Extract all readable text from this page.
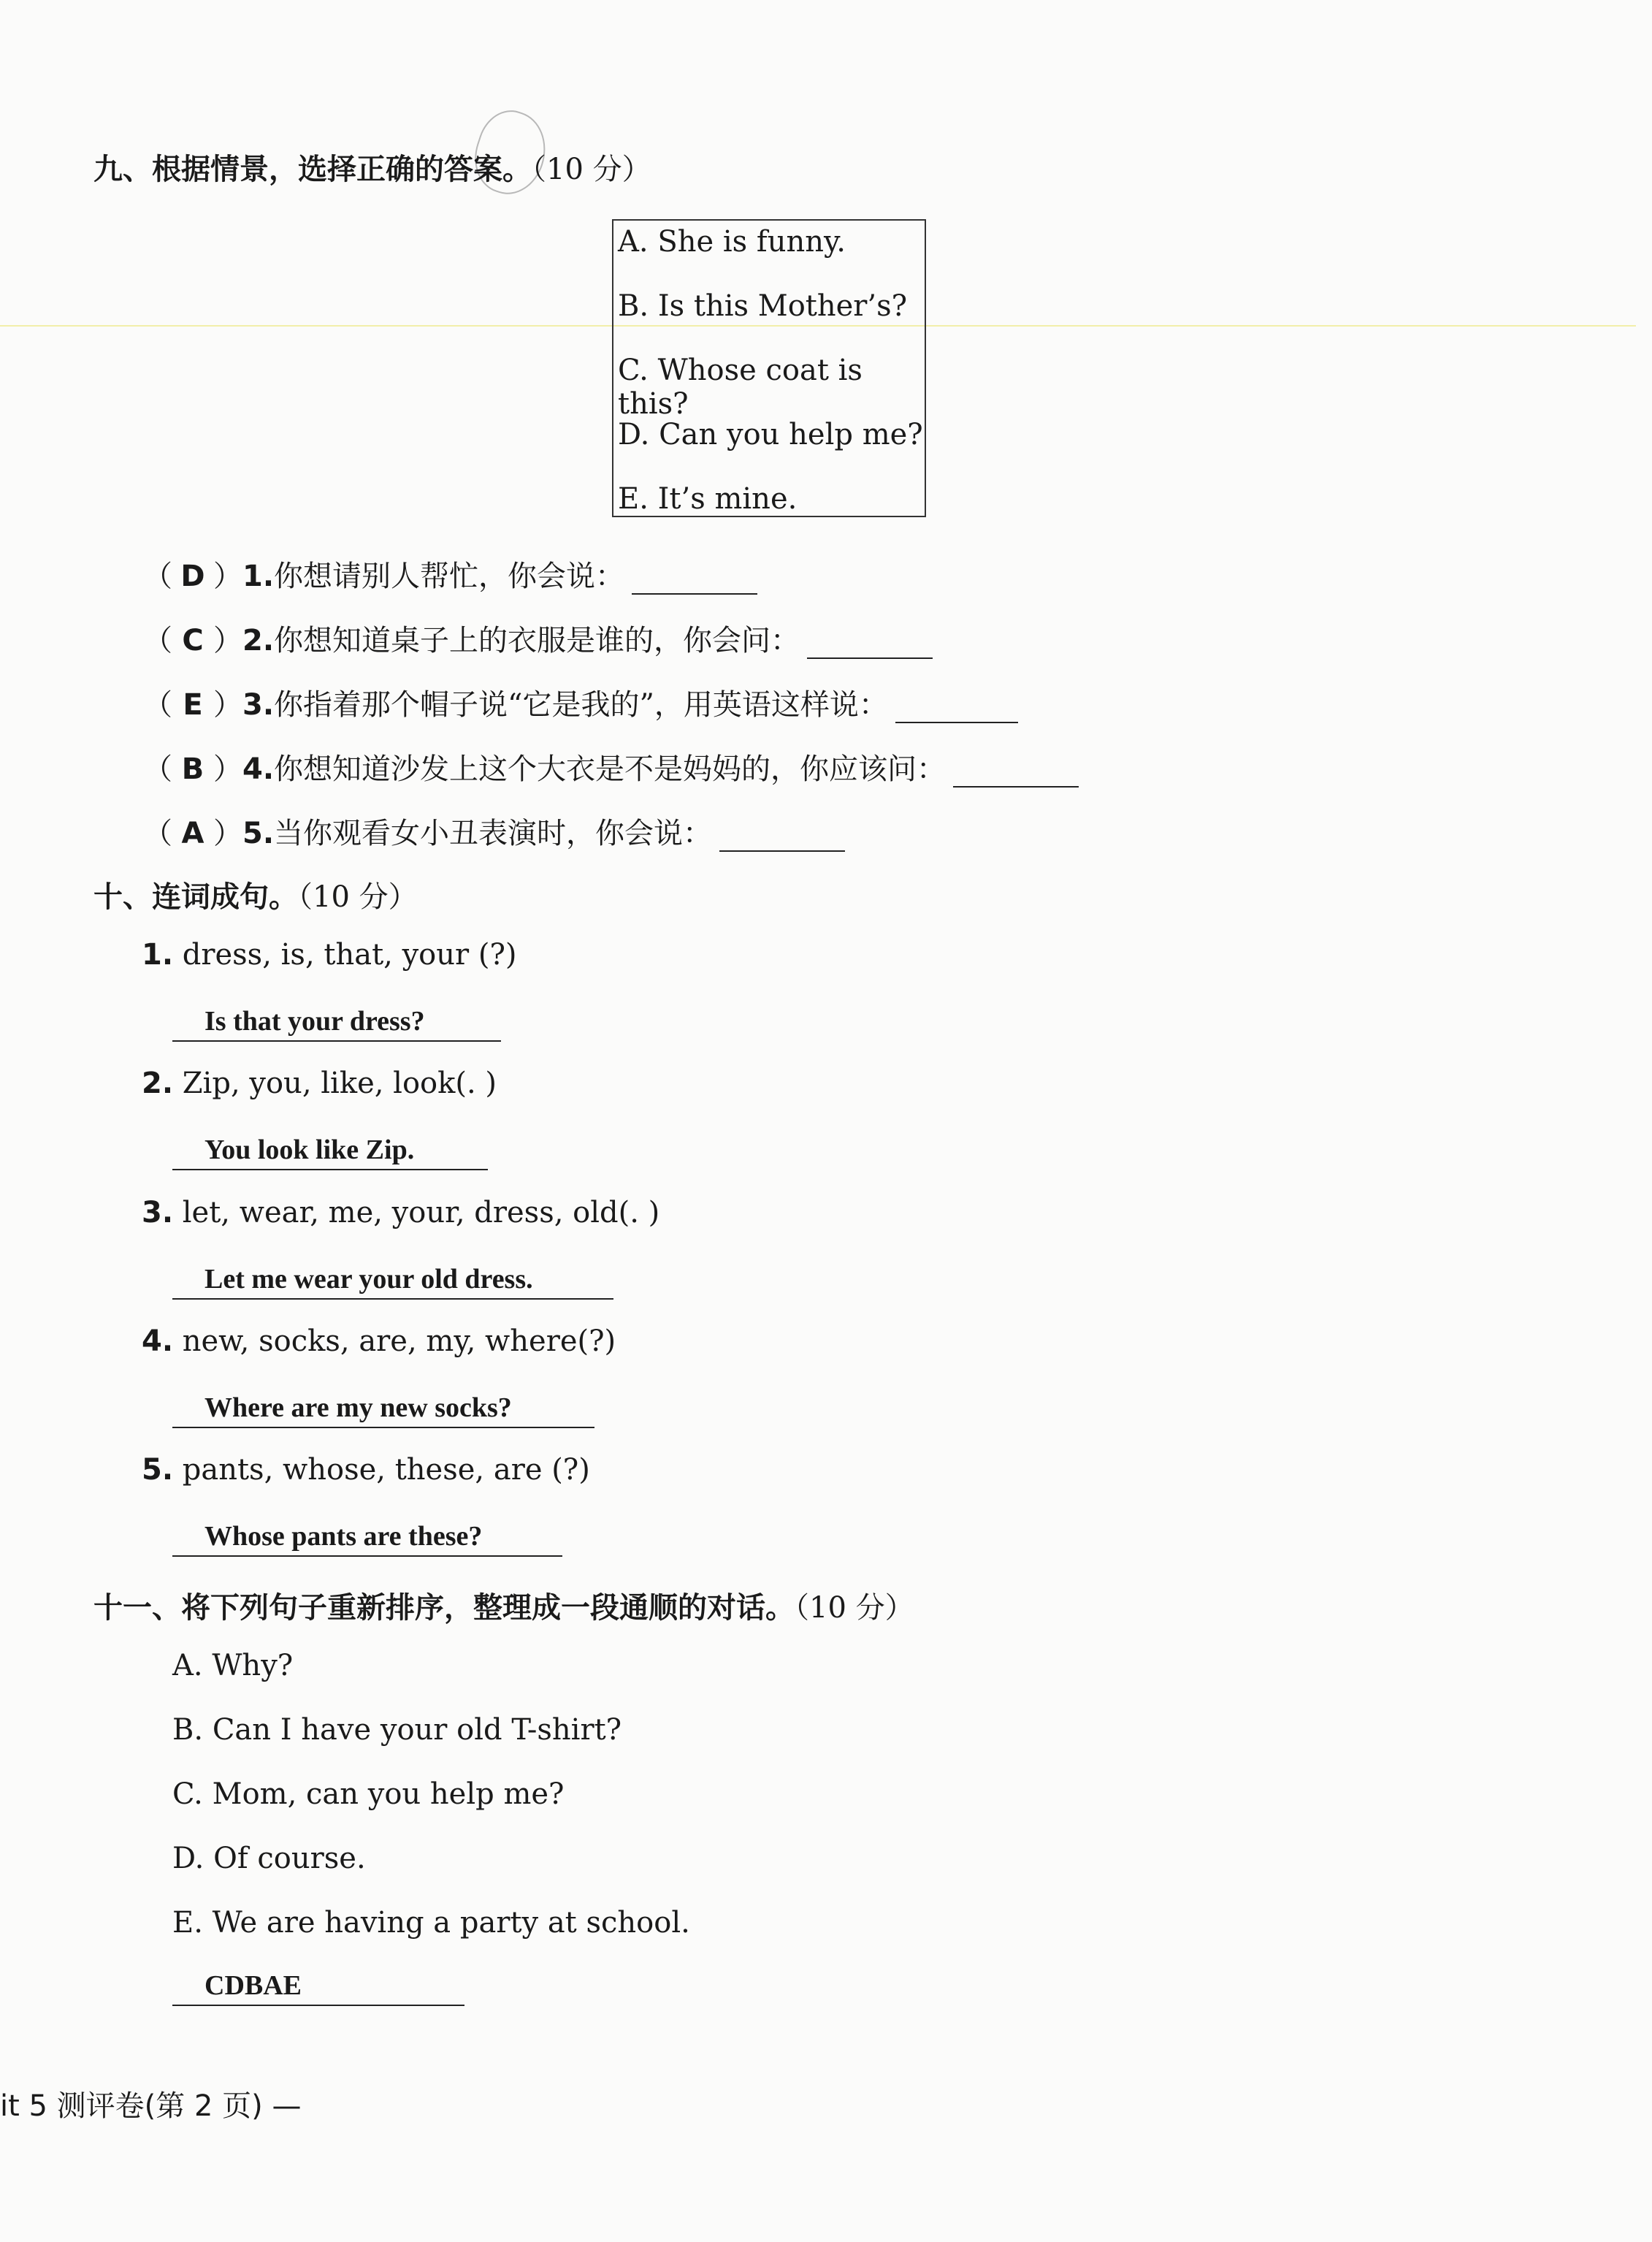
九、根据情景，选择正确的答案。（10 分）
A. She is funny.
B. Is this Mother’s?
C. Whose coat is this?
D. Can you help me?
E. It’s mine.
（ D ）1.你想请别人帮忙，你会说：
（ C ）2.你想知道桌子上的衣服是谁的，你会问：
（ E ）3.你指着那个帽子说“它是我的”，用英语这样说：
（ B ）4.你想知道沙发上这个大衣是不是妈妈的，你应该问：
（ A ）5.当你观看女小丑表演时，你会说：
十、连词成句。（10 分）
1. dress, is, that, your (?)
Is that your dress?
2. Zip, you, like, look(. )
You look like Zip.
3. let, wear, me, your, dress, old(. )
Let me wear your old dress.
4. new, socks, are, my, where(?)
Where are my new socks?
5. pants, whose, these, are (?)
Whose pants are these?
十一、将下列句子重新排序，整理成一段通顺的对话。（10 分）
A. Why?
B. Can I have your old T-shirt?
C. Mom, can you help me?
D. Of course.
E. We are having a party at school.
CDBAE
it 5 测评卷(第 2 页) —
